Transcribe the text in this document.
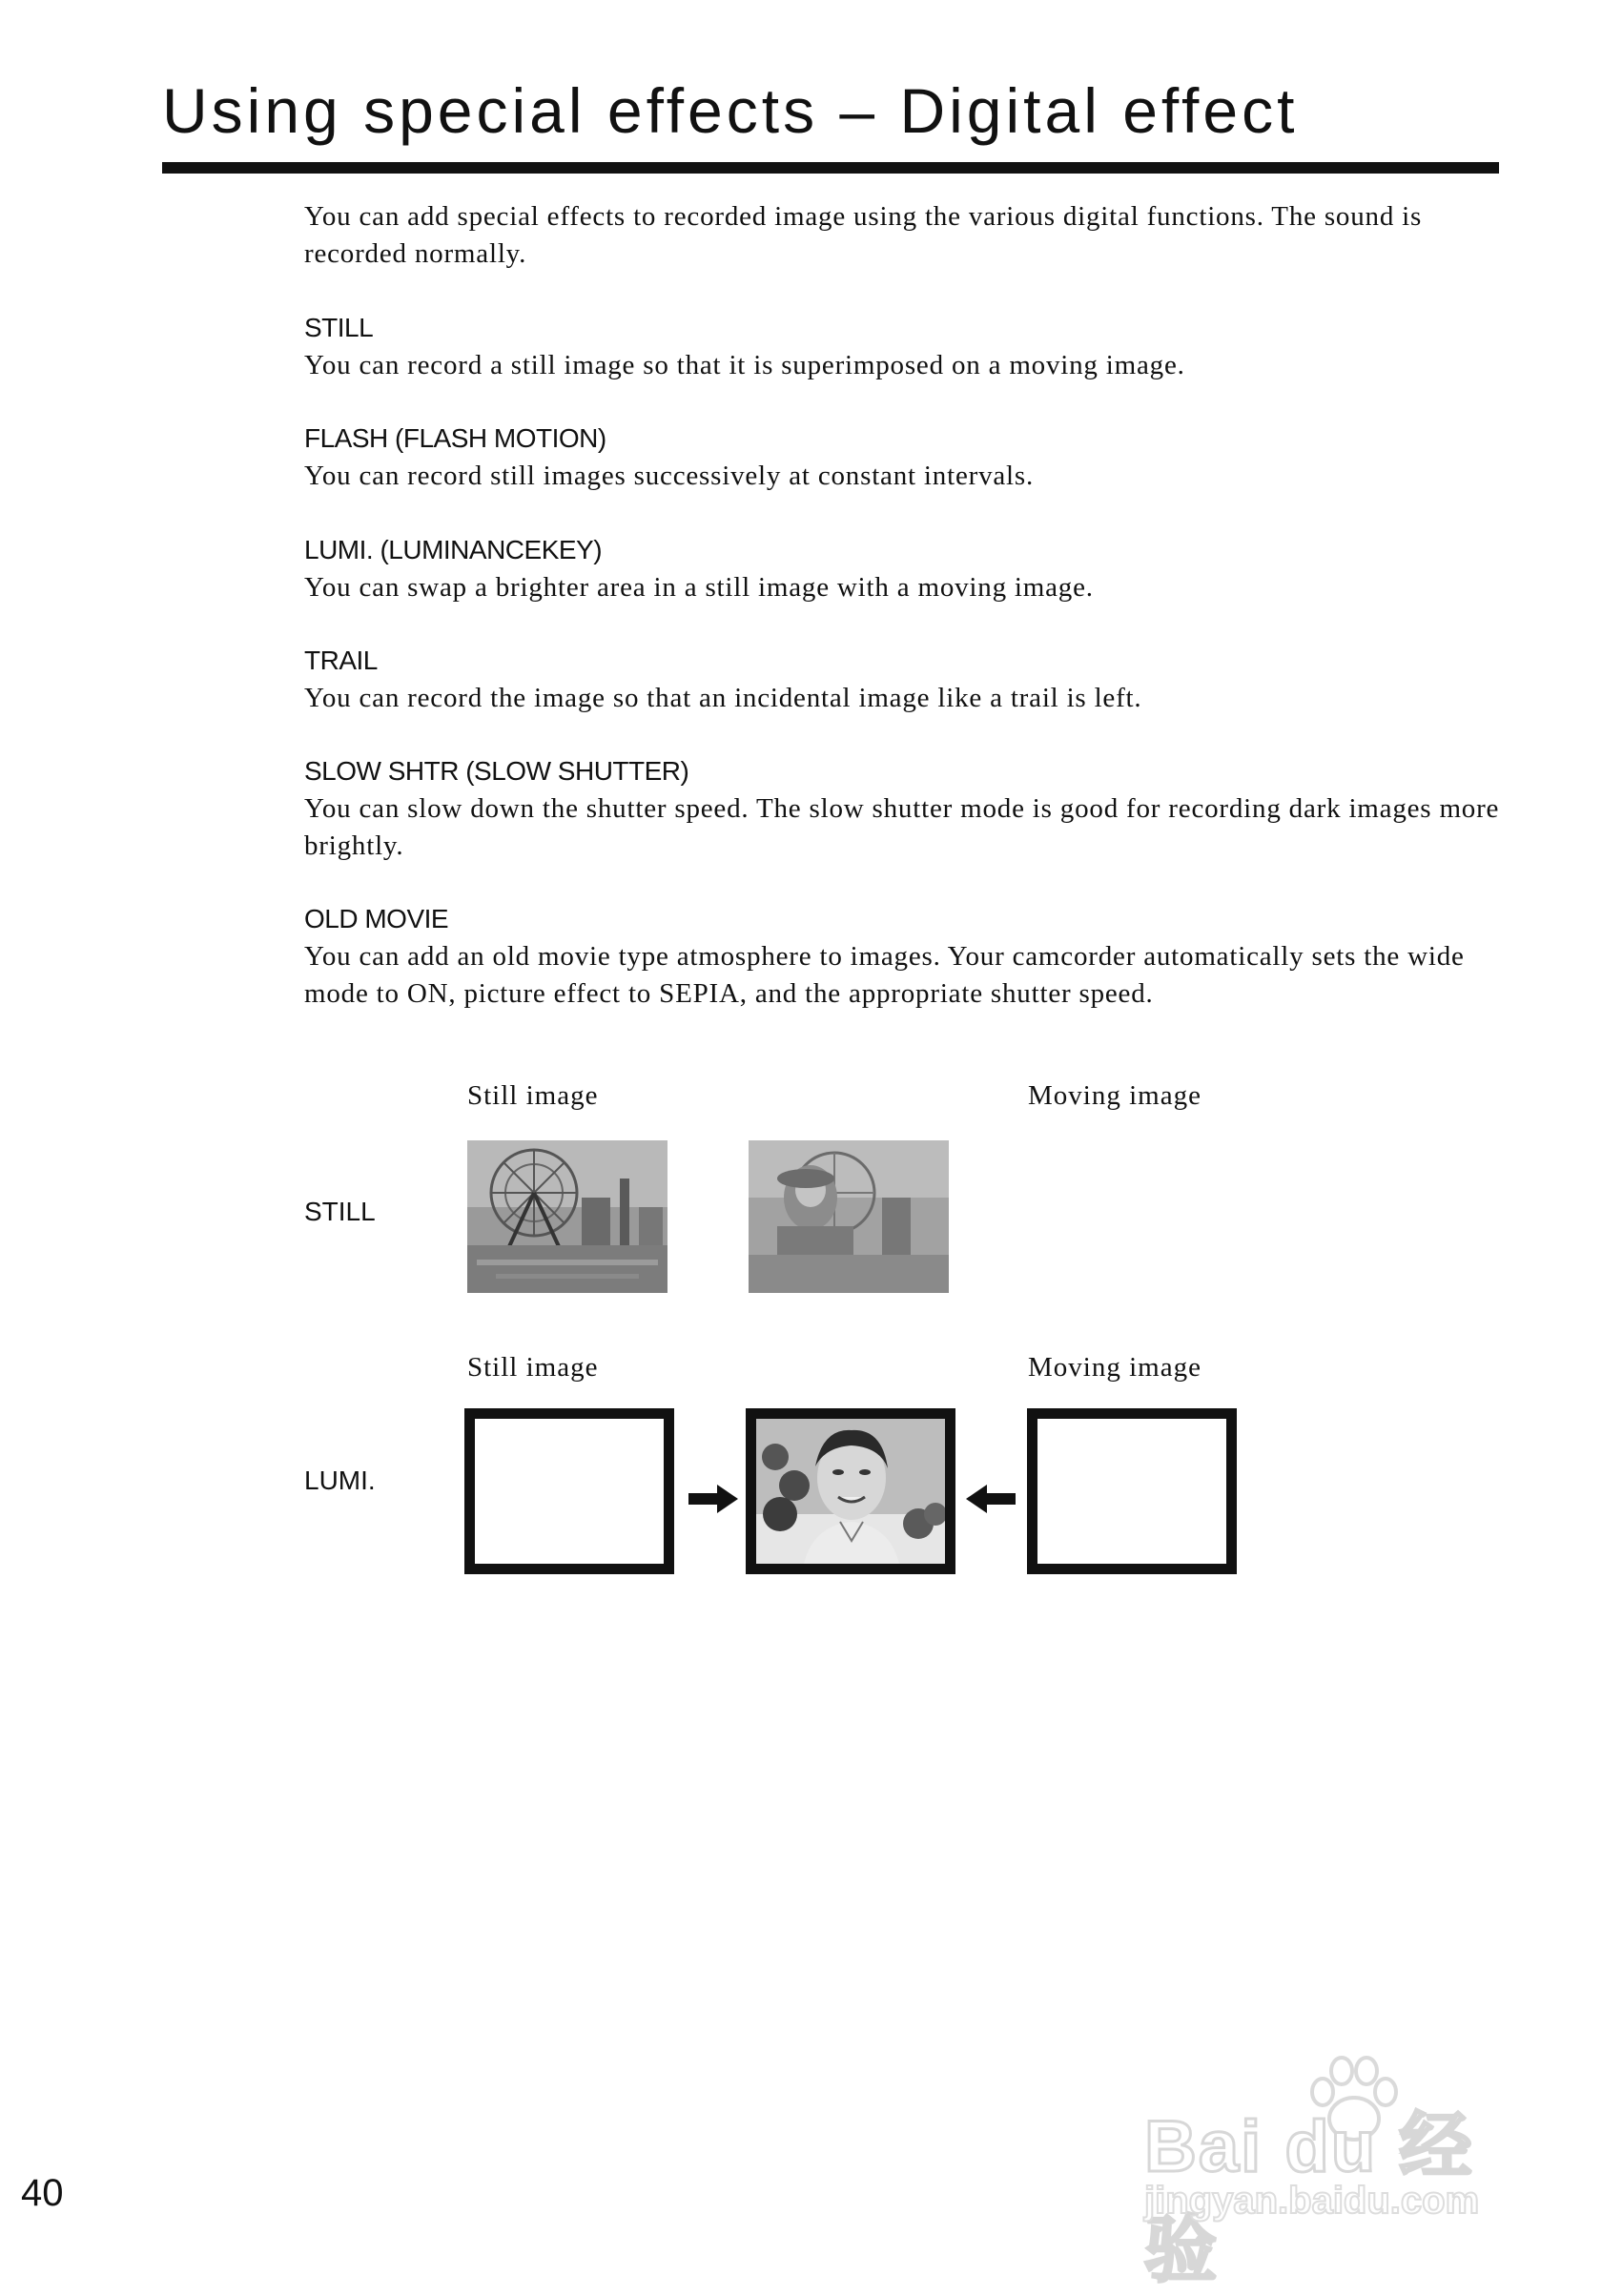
Using special effects – Digital effect

You can add special effects to recorded image using the various digital functions. The sound is recorded normally.

STILL

You can record a still image so that it is superimposed on a moving image.

FLASH (FLASH MOTION)

You can record still images successively at constant intervals.

LUMI. (LUMINANCEKEY)

You can swap a brighter area in a still image with a moving image.

TRAIL

You can record the image so that an incidental image like a trail is left.

SLOW SHTR (SLOW SHUTTER)

You can slow down the shutter speed. The slow shutter mode is good for recording dark images more brightly.

OLD MOVIE

You can add an old movie type atmosphere to images. Your camcorder automatically sets the wide mode to ON, picture effect to SEPIA, and the appropriate shutter speed.

Still image	Moving image

STILL

Still image	Moving image

LUMI.

40

Bai du 经验
jingyan.baidu.com
